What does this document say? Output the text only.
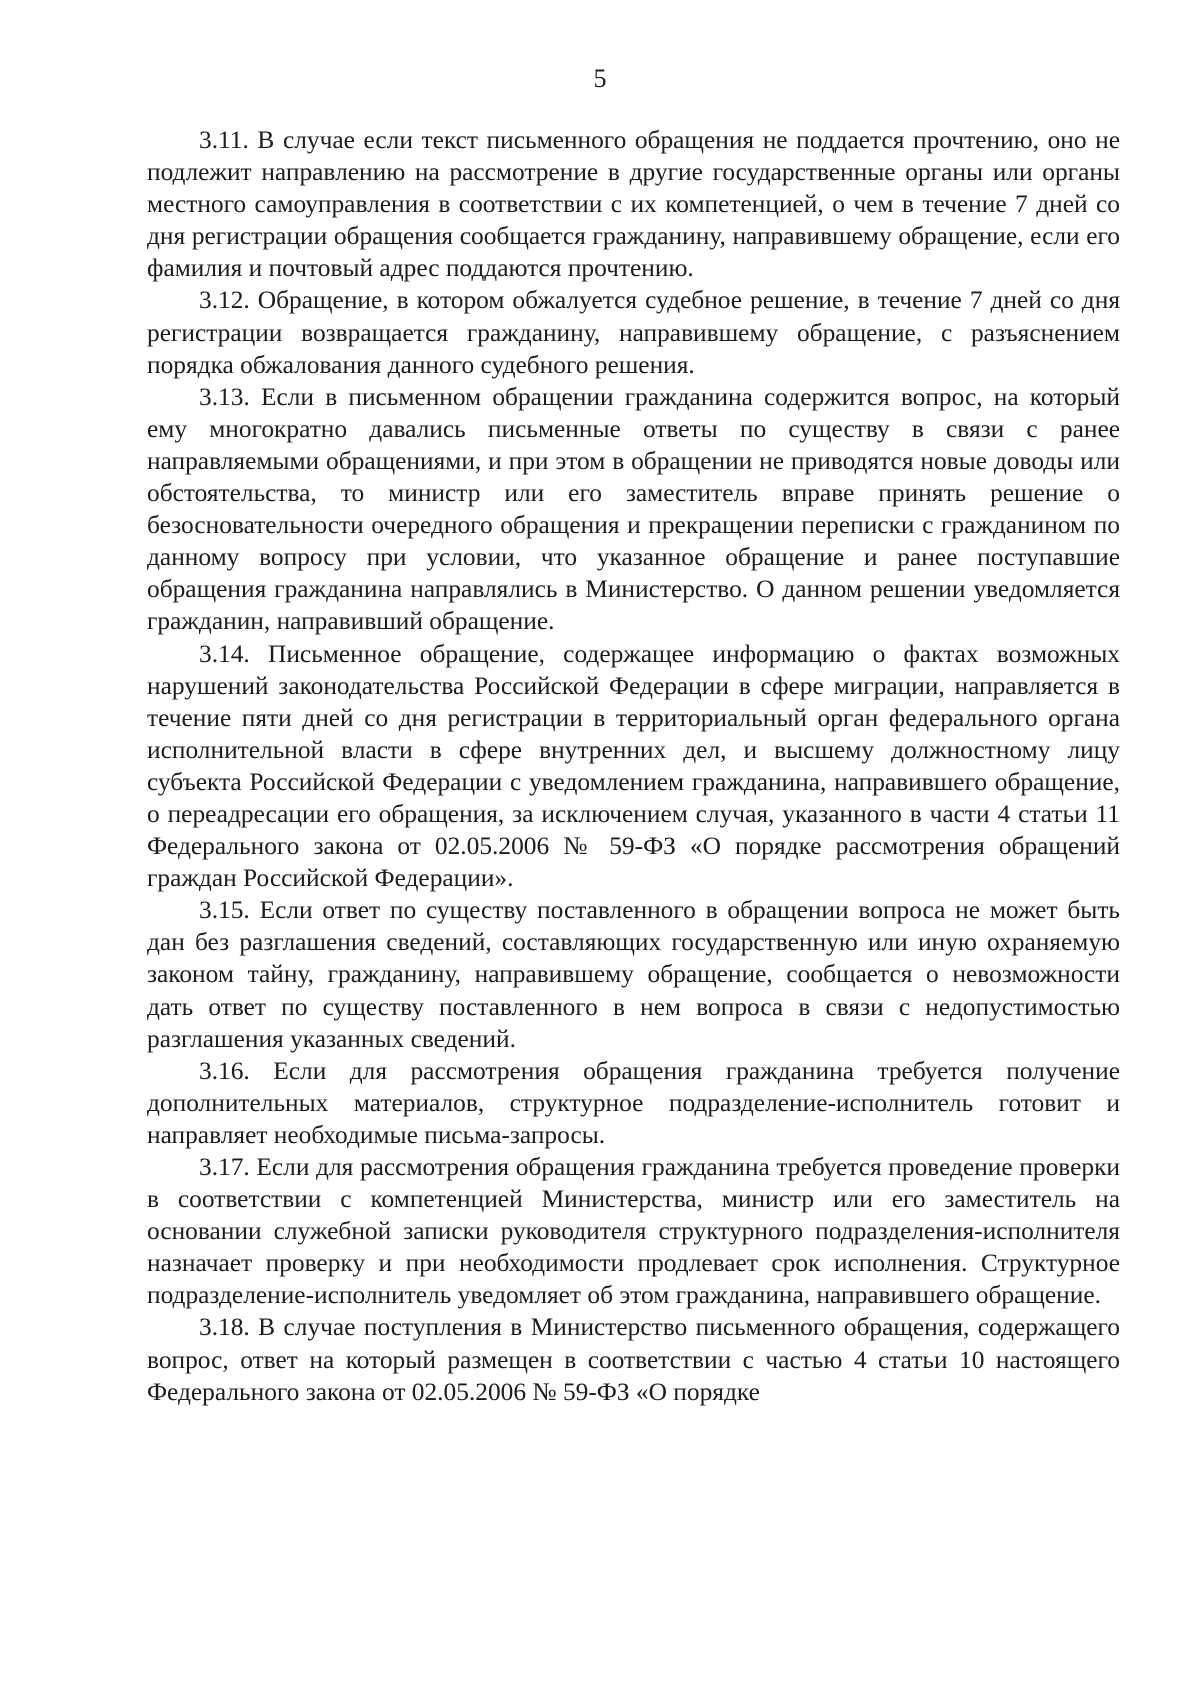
5

3.11. В случае если текст письменного обращения не поддается прочтению, оно не подлежит направлению на рассмотрение в другие государственные органы или органы местного самоуправления в соответствии с их компетенцией, о чем в течение 7 дней со дня регистрации обращения сообщается гражданину, направившему обращение, если его фамилия и почтовый адрес поддаются прочтению.

3.12. Обращение, в котором обжалуется судебное решение, в течение 7 дней со дня регистрации возвращается гражданину, направившему обращение, с разъяснением порядка обжалования данного судебного решения.

3.13. Если в письменном обращении гражданина содержится вопрос, на который ему многократно давались письменные ответы по существу в связи с ранее направляемыми обращениями, и при этом в обращении не приводятся новые доводы или обстоятельства, то министр или его заместитель вправе принять решение о безосновательности очередного обращения и прекращении переписки с гражданином по данному вопросу при условии, что указанное обращение и ранее поступавшие обращения гражданина направлялись в Министерство. О данном решении уведомляется гражданин, направивший обращение.

3.14. Письменное обращение, содержащее информацию о фактах возможных нарушений законодательства Российской Федерации в сфере миграции, направляется в течение пяти дней со дня регистрации в территориальный орган федерального органа исполнительной власти в сфере внутренних дел, и высшему должностному лицу субъекта Российской Федерации с уведомлением гражданина, направившего обращение, о переадресации его обращения, за исключением случая, указанного в части 4 статьи 11 Федерального закона от 02.05.2006 № 59-ФЗ «О порядке рассмотрения обращений граждан Российской Федерации».

3.15. Если ответ по существу поставленного в обращении вопроса не может быть дан без разглашения сведений, составляющих государственную или иную охраняемую законом тайну, гражданину, направившему обращение, сообщается о невозможности дать ответ по существу поставленного в нем вопроса в связи с недопустимостью разглашения указанных сведений.

3.16. Если для рассмотрения обращения гражданина требуется получение дополнительных материалов, структурное подразделение-исполнитель готовит и направляет необходимые письма-запросы.

3.17. Если для рассмотрения обращения гражданина требуется проведение проверки в соответствии с компетенцией Министерства, министр или его заместитель на основании служебной записки руководителя структурного подразделения-исполнителя назначает проверку и при необходимости продлевает срок исполнения. Структурное подразделение-исполнитель уведомляет об этом гражданина, направившего обращение.

3.18. В случае поступления в Министерство письменного обращения, содержащего вопрос, ответ на который размещен в соответствии с частью 4 статьи 10 настоящего Федерального закона от 02.05.2006 № 59-ФЗ «О порядке
